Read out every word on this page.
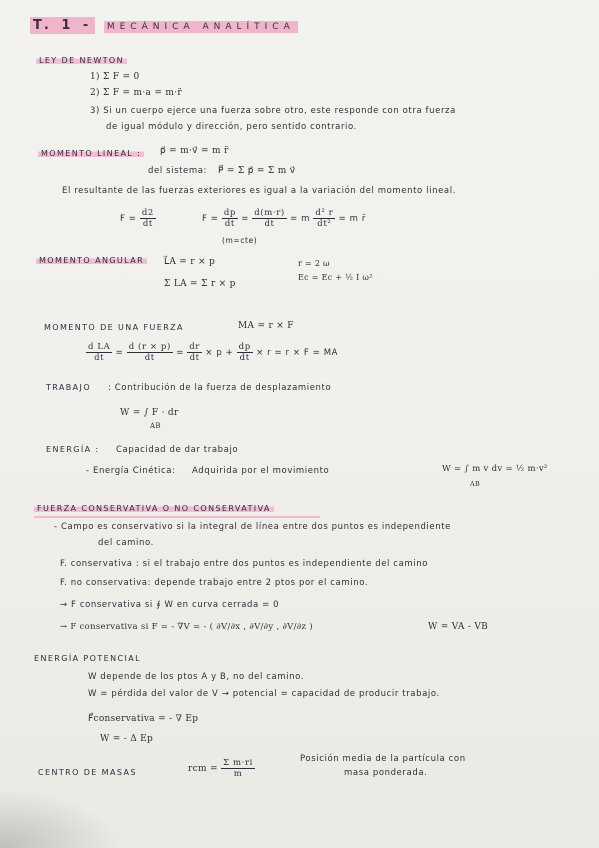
T. 1 - MECÁNICA ANALÍTICA
LEY DE NEWTON
1) Σ F = 0
2) Σ F = m·a = m·r̈
3) Si un cuerpo ejerce una fuerza sobre otro, este responde con otra fuerza
de igual módulo y dirección, pero sentido contrario.
MOMENTO LINEAL :	p⃗ = m·v⃗ = m r̈
del sistema: P⃗ = Σ p⃗ = Σ m v⃗
El resultante de las fuerzas exteriores es igual a la variación del momento lineal.
$F = \frac{d2}{dt}$	$F = \frac{dp}{dt} = \frac{d(m\cdot r)}{dt} = m \frac{\text{d² r}}{\text{dt²}} = m$ r̈
(m=cte)
MOMENTO ANGULAR	L⃗A = r × p
Σ LA = Σ r × p
r = 2 ω
Ec = Ec + ½ I ω²
MOMENTO DE UNA FUERZA	MA = r × F
$\frac{\text{d LA}}{dt} = \frac{d (r \times p)}{dt} = \frac{dr}{dt} \times p + \frac{dp}{dt} \times r = r \times F$ = MA
TRABAJO : Contribución de la fuerza de desplazamiento
W = ∫ F · dr
AB
ENERGÍA : Capacidad de dar trabajo
- Energía Cinética: Adquirida por el movimiento	W = ∫ m v dv = ½ m·v²
AB
FUERZA CONSERVATIVA O NO CONSERVATIVA
- Campo es conservativo si la integral de línea entre dos puntos es independiente
del camino.
F. conservativa : si el trabajo entre dos puntos es independiente del camino
F. no conservativa: depende trabajo entre 2 ptos por el camino.
→ F conservativa si ∮ W en curva cerrada = 0
→ F conservativa si F = - ∇V = - ( ∂V/∂x , ∂V/∂y , ∂V/∂z )	W = VA - VB
ENERGÍA POTENCIAL
W depende de los ptos A y B, no del camino.
W = pérdida del valor de V → potencial = capacidad de producir trabajo.
F⃗conservativa = - ∇ Ep
W = - Δ Ep
CENTRO DE MASAS	rcm = $\frac{\text{Σ m·ri}}{m}$	Posición media de la partícula con
masa ponderada.
